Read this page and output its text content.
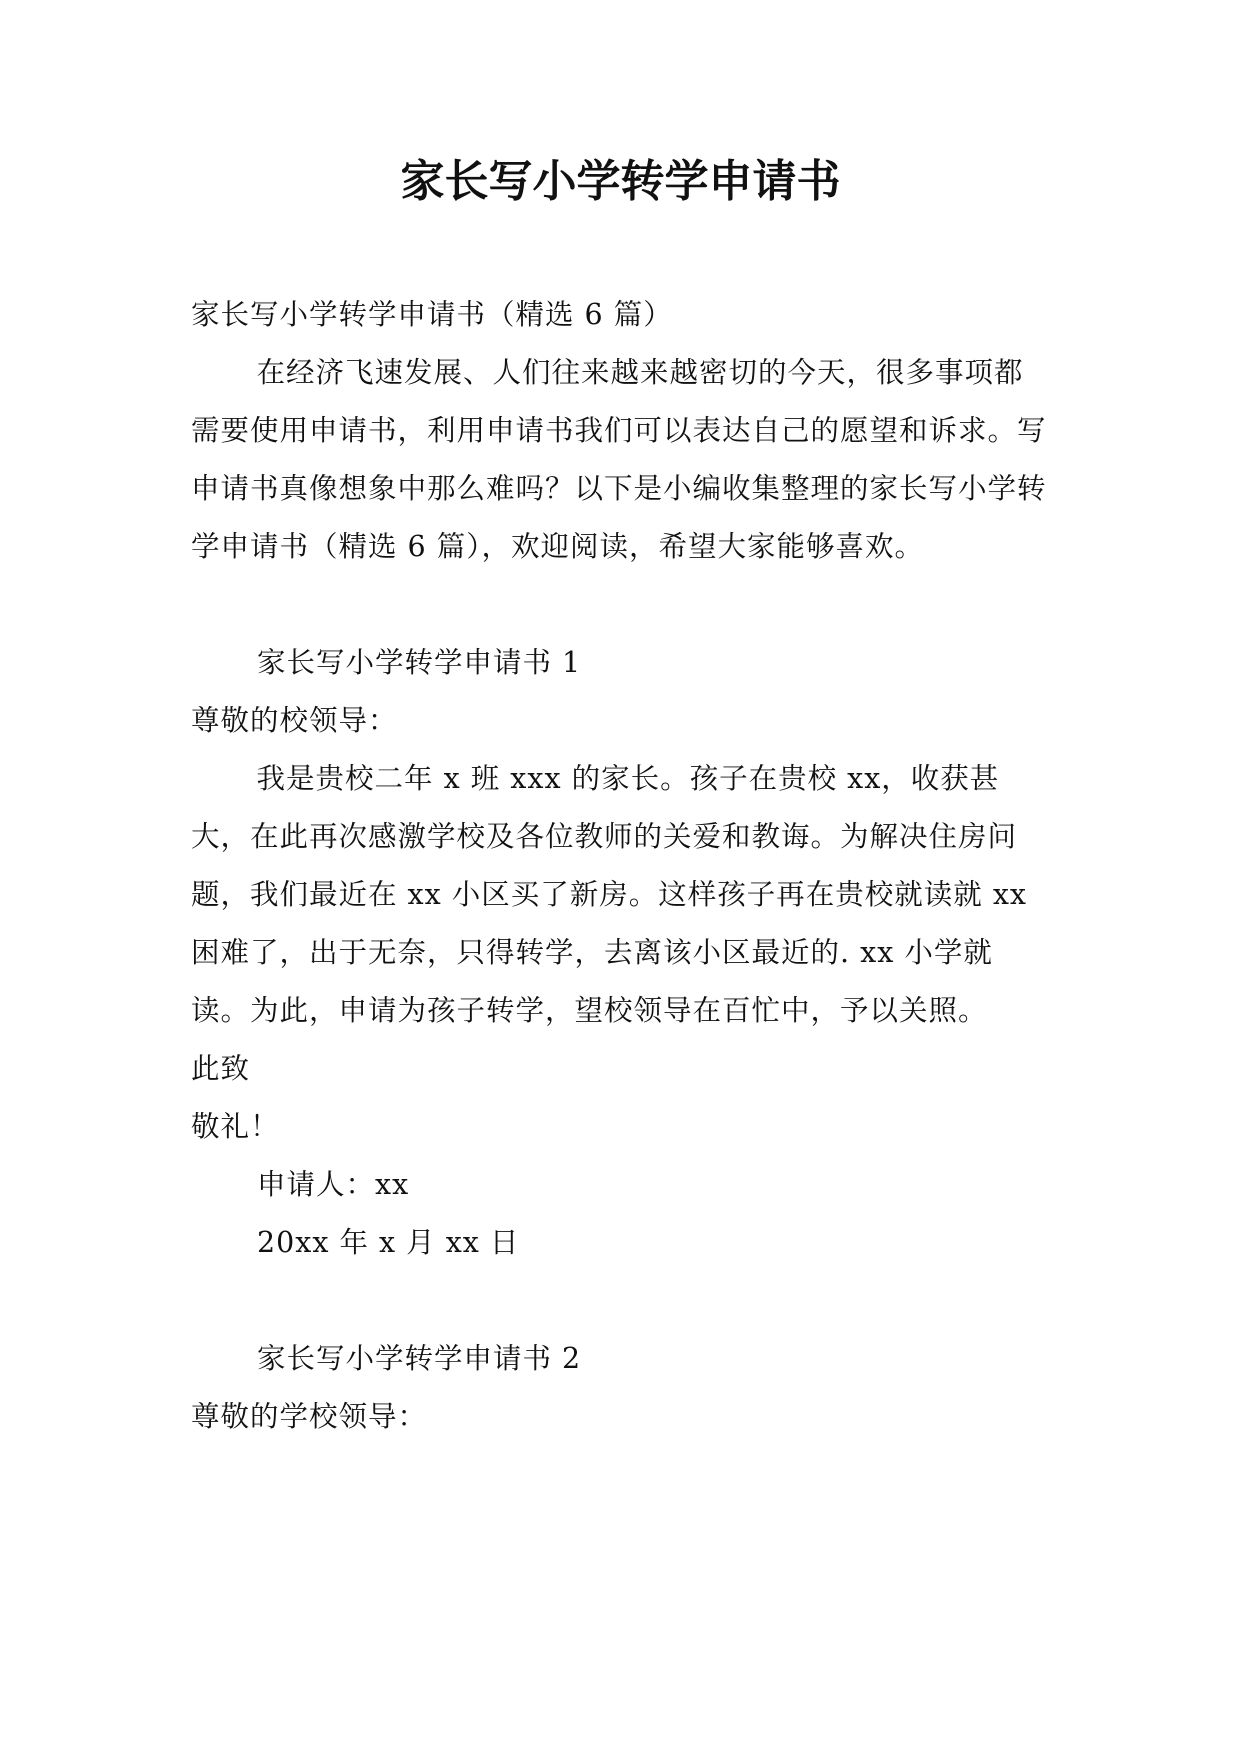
家长写小学转学申请书

家长写小学转学申请书（精选 6 篇）

在经济飞速发展、人们往来越来越密切的今天，很多事项都需要使用申请书，利用申请书我们可以表达自己的愿望和诉求。写申请书真像想象中那么难吗？以下是小编收集整理的家长写小学转学申请书（精选 6 篇），欢迎阅读，希望大家能够喜欢。

家长写小学转学申请书 1

尊敬的校领导：

我是贵校二年 x 班 xxx 的家长。孩子在贵校 xx，收获甚大，在此再次感激学校及各位教师的关爱和教诲。为解决住房问题，我们最近在 xx 小区买了新房。这样孩子再在贵校就读就 xx 困难了，出于无奈，只得转学，去离该小区最近的. xx 小学就读。为此，申请为孩子转学，望校领导在百忙中，予以关照。

此致

敬礼！

申请人：xx

20xx 年 x 月 xx 日

家长写小学转学申请书 2

尊敬的学校领导：
